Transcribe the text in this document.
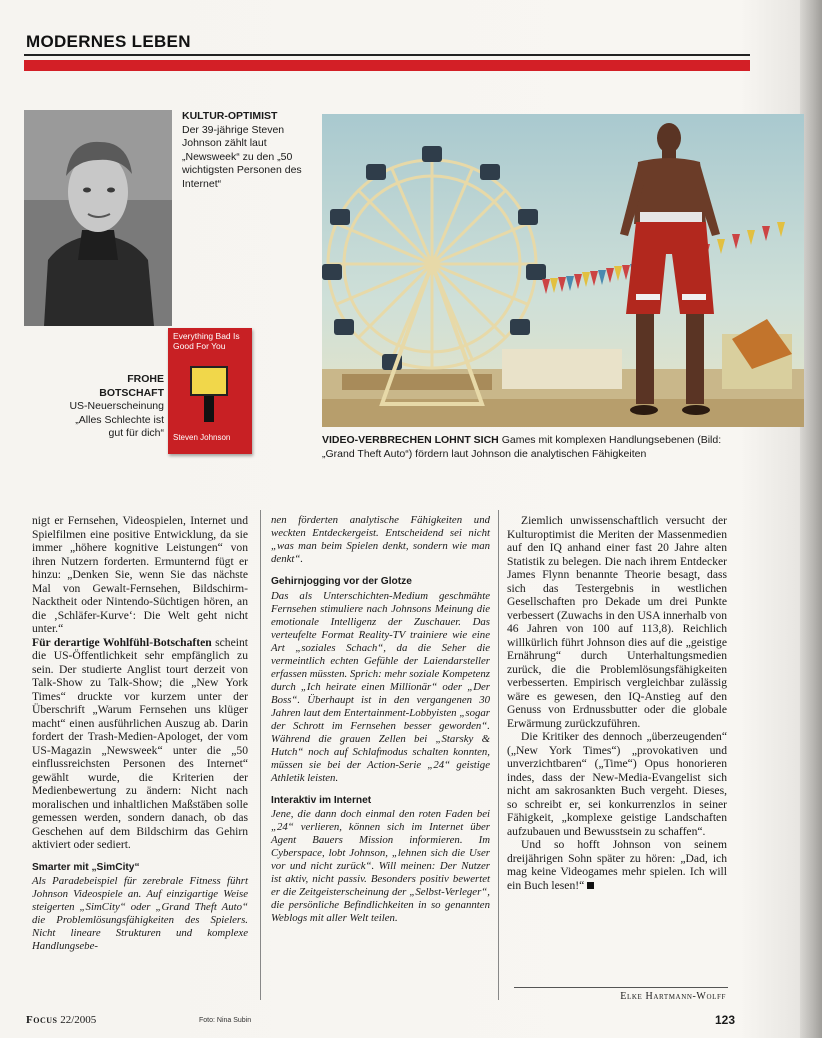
MODERNES LEBEN
KULTUR-OPTIMIST
Der 39-jährige Steven Johnson zählt laut „Newsweek“ zu den „50 wichtigsten Personen des Internet“
FROHE BOTSCHAFT
US-Neuerscheinung „Alles Schlechte ist gut für dich“
Everything Bad Is Good For You
Steven Johnson	VIDEO-VERBRECHEN LOHNT SICH Games mit komplexen Handlungsebenen (Bild: „Grand Theft Auto“) fördern laut Johnson die analytischen Fähigkeiten

nigt er Fernsehen, Videospielen, Internet und Spielfilmen eine positive Entwicklung, da sie immer „höhere kognitive Leistungen“ von ihren Nutzern forderten. Ermunternd fügt er hinzu: „Denken Sie, wenn Sie das nächste Mal von Gewalt-Fernsehen, Bildschirm-Nacktheit oder Nintendo-Süchtigen hören, an die ‚Schläfer-Kurve‘: Die Welt geht nicht unter.“

Für derartige Wohlfühl-Botschaften scheint die US-Öffentlichkeit sehr empfänglich zu sein. Der studierte Anglist tourt derzeit von Talk-Show zu Talk-Show; die „New York Times“ druckte vor kurzem unter der Überschrift „Warum Fernsehen uns klüger macht“ einen ausführlichen Auszug ab. Darin fordert der Trash-Medien-Apologet, der vom US-Magazin „Newsweek“ unter die „50 einflussreichsten Personen des Internet“ gewählt wurde, die Kriterien der Medienbewertung zu ändern: Nicht nach moralischen und inhaltlichen Maßstäben solle gemessen werden, sondern danach, ob das Geschehen auf dem Bildschirm das Gehirn aktiviert oder sediert.

Smarter mit „SimCity“

Als Paradebeispiel für zerebrale Fitness führt Johnson Videospiele an. Auf einzigartige Weise steigerten „SimCity“ oder „Grand Theft Auto“ die Problemlösungsfähigkeiten des Spielers. Nicht lineare Strukturen und komplexe Handlungsebe-

nen förderten analytische Fähigkeiten und weckten Entdeckergeist. Entscheidend sei nicht „was man beim Spielen denkt, sondern wie man denkt“.

Gehirnjogging vor der Glotze

Das als Unterschichten-Medium geschmähte Fernsehen stimuliere nach Johnsons Meinung die emotionale Intelligenz der Zuschauer. Das verteufelte Format Reality-TV trainiere wie eine Art „soziales Schach“, da die Seher die vermeintlich echten Gefühle der Laiendarsteller erfassen müssten. Sprich: mehr soziale Kompetenz durch „Ich heirate einen Millionär“ oder „Der Boss“. Überhaupt ist in den vergangenen 30 Jahren laut dem Entertainment-Lobbyisten „sogar der Schrott im Fernsehen besser geworden“. Während die grauen Zellen bei „Starsky & Hutch“ noch auf Schlafmodus schalten konnten, müssen sie bei der Action-Serie „24“ geistige Athletik leisten.

Interaktiv im Internet

Jene, die dann doch einmal den roten Faden bei „24“ verlieren, können sich im Internet über Agent Bauers Mission informieren. Im Cyberspace, lobt Johnson, „lehnen sich die User vor und nicht zurück“. Will meinen: Der Nutzer ist aktiv, nicht passiv. Besonders positiv bewertet er die Zeitgeisterscheinung der „Selbst-Verleger“, die persönliche Befindlichkeiten in so genannten Weblogs mit aller Welt teilen.

Ziemlich unwissenschaftlich versucht der Kulturoptimist die Meriten der Massenmedien auf den IQ anhand einer fast 20 Jahre alten Statistik zu belegen. Die nach ihrem Entdecker James Flynn benannte Theorie besagt, dass sich das Testergebnis in westlichen Gesellschaften pro Dekade um drei Punkte verbessert (Zuwachs in den USA innerhalb von 46 Jahren von 100 auf 113,8). Reichlich willkürlich führt Johnson dies auf die „geistige Ernährung“ durch Unterhaltungsmedien zurück, die die Problemlösungsfähigkeiten verbesserten. Empirisch vergleichbar zulässig wäre es gewesen, den IQ-Anstieg auf den Genuss von Erdnussbutter oder die globale Erwärmung zurückzuführen.

Die Kritiker des dennoch „überzeugenden“ („New York Times“) „provokativen und unverzichtbaren“ („Time“) Opus honorieren indes, dass der New-Media-Evangelist sich nicht am sakrosankten Buch vergeht. Dieses, so schreibt er, sei konkurrenzlos in seiner Fähigkeit, „komplexe geistige Landschaften aufzubauen und Bewusstsein zu schaffen“.

Und so hofft Johnson von seinem dreijährigen Sohn später zu hören: „Dad, ich mag keine Videogames mehr spielen. Ich will ein Buch lesen!“

Elke Hartmann-Wolff
Focus 22/2005	Foto: Nina Subin	123
